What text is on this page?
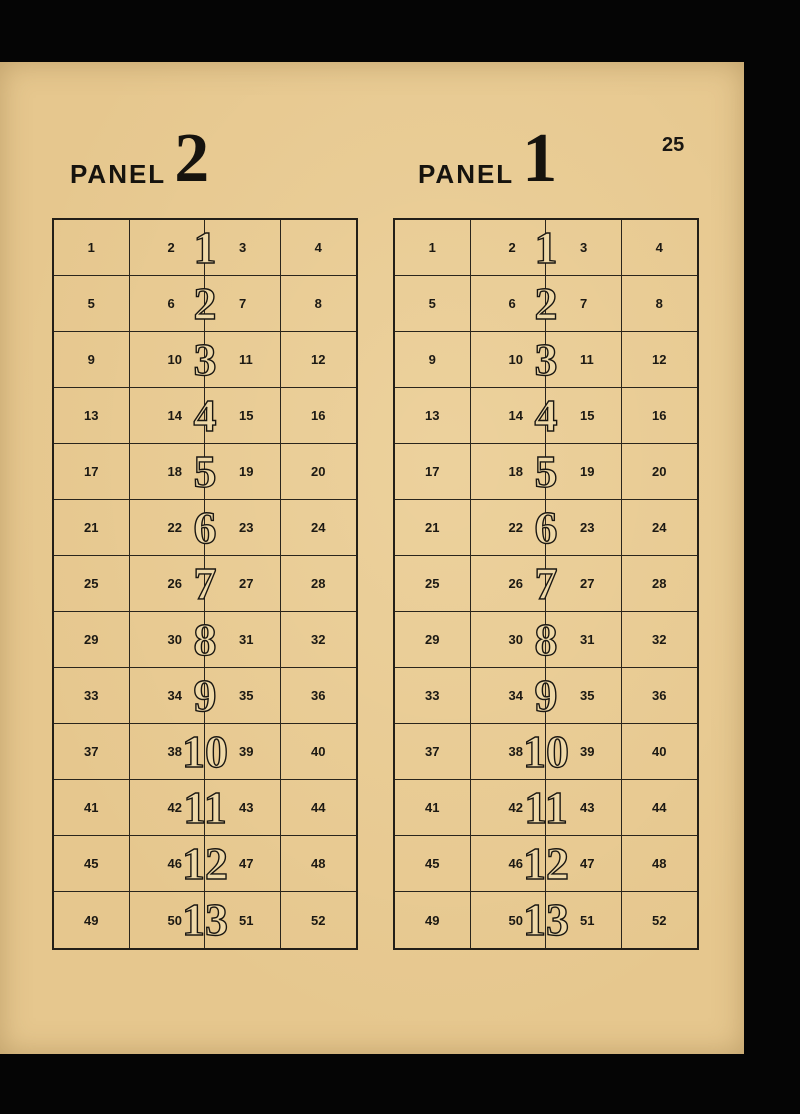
25
PANEL 2	PANEL 1
1	2	3	4
5	6	7	8
9	10	11	12
13	14	15	16
17	18	19	20
21	22	23	24
25	26	27	28
29	30	31	32
33	34	35	36
37	38	39	40
41	42	43	44
45	46	47	48
49	50	51	52
1
2
3
4
5
6
7
8
9
10
11
12
13
1	2	3	4
5	6	7	8
9	10	11	12
13	14	15	16
17	18	19	20
21	22	23	24
25	26	27	28
29	30	31	32
33	34	35	36
37	38	39	40
41	42	43	44
45	46	47	48
49	50	51	52
1
2
3
4
5
6
7
8
9
10
11
12
13
